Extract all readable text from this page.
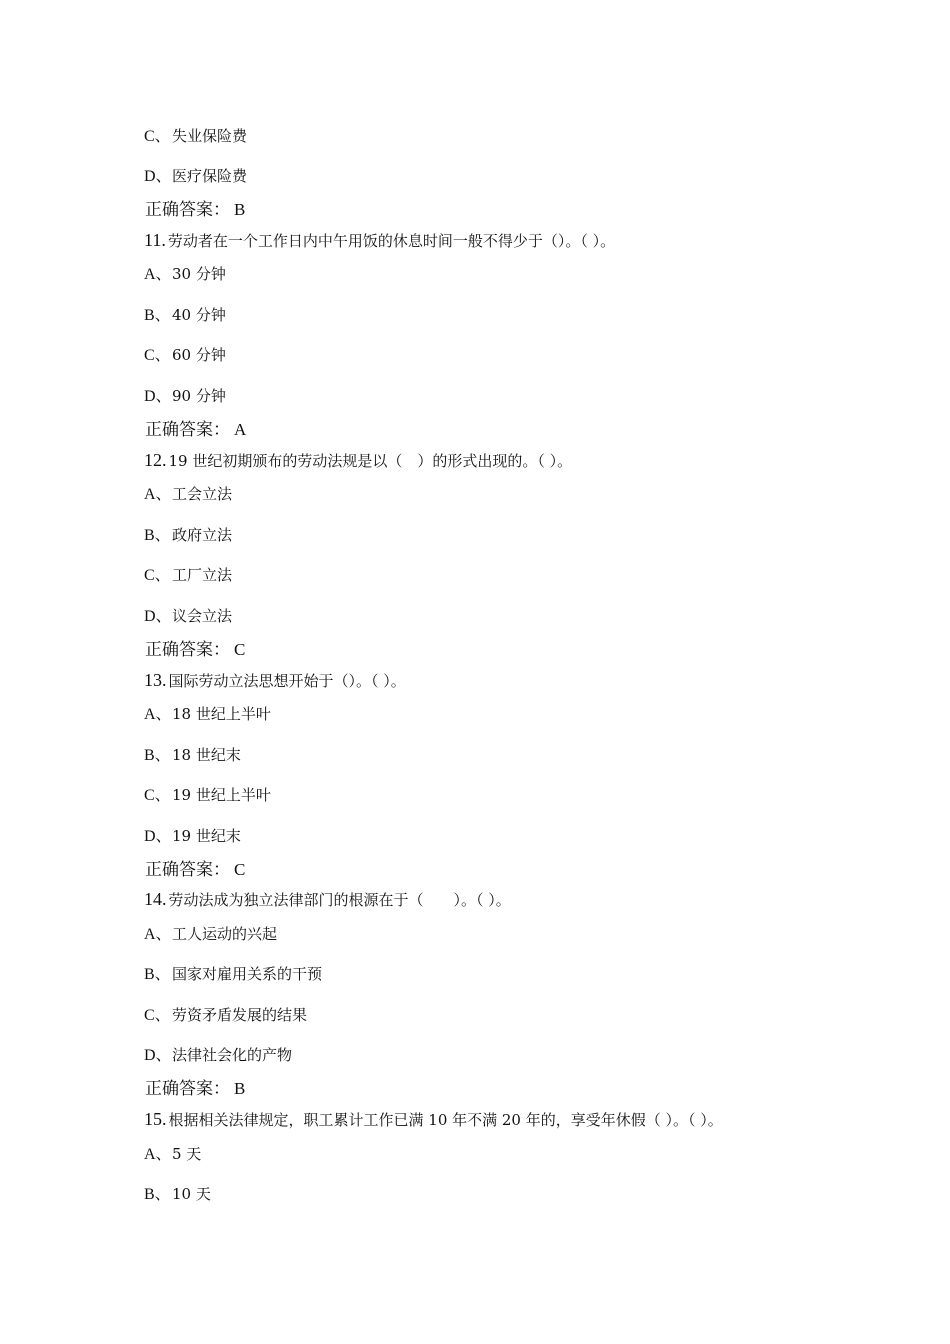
C、失业保险费
D、医疗保险费
正确答案： B
11. 劳动者在一个工作日内中午用饭的休息时间一般不得少于（）。（ ）。
A、30 分钟
B、40 分钟
C、60 分钟
D、90 分钟
正确答案： A
12. 19 世纪初期颁布的劳动法规是以（　）的形式出现的。（ ）。
A、工会立法
B、政府立法
C、工厂立法
D、议会立法
正确答案： C
13. 国际劳动立法思想开始于（）。（ ）。
A、18 世纪上半叶
B、18 世纪末
C、19 世纪上半叶
D、19 世纪末
正确答案： C
14. 劳动法成为独立法律部门的根源在于（　　）。（ ）。
A、工人运动的兴起
B、国家对雇用关系的干预
C、劳资矛盾发展的结果
D、法律社会化的产物
正确答案： B
15. 根据相关法律规定，职工累计工作已满 10 年不满 20 年的，享受年休假（ ）。（ ）。
A、5 天
B、10 天
